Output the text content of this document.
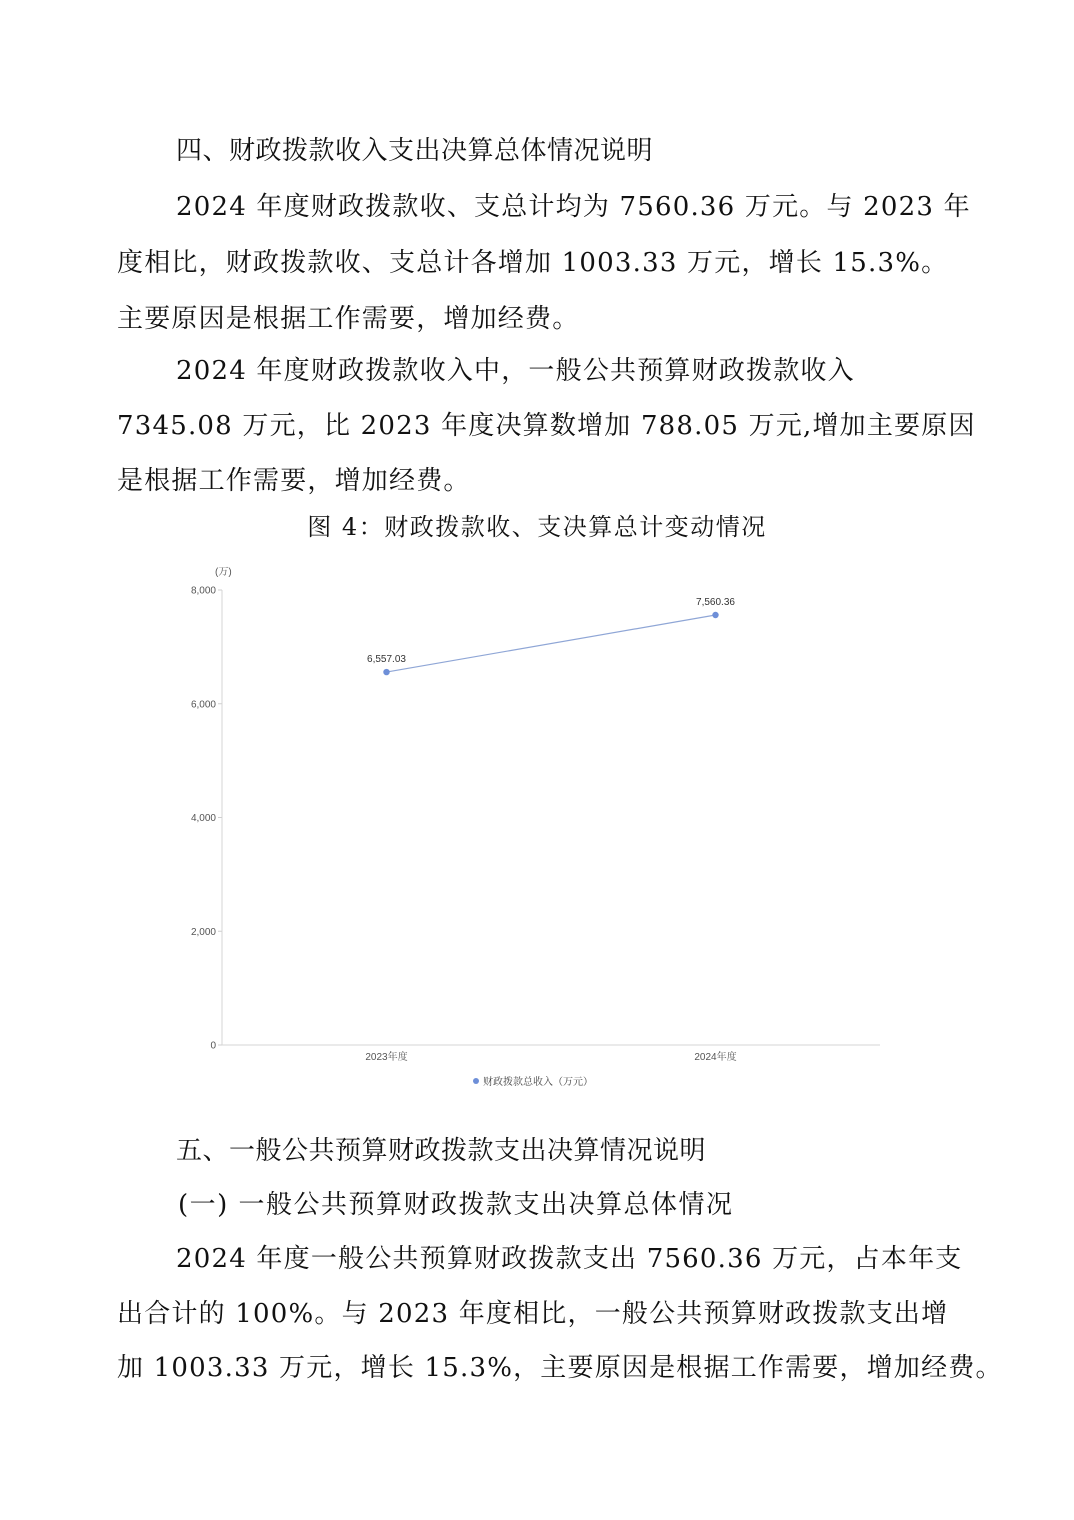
四、财政拨款收入支出决算总体情况说明
2024 年度财政拨款收、支总计均为 7560.36 万元。与 2023 年
度相比，财政拨款收、支总计各增加 1003.33 万元，增长 15.3%。
主要原因是根据工作需要，增加经费。
2024 年度财政拨款收入中，一般公共预算财政拨款收入
7345.08 万元，比 2023 年度决算数增加 788.05 万元,增加主要原因
是根据工作需要，增加经费。
图 4：财政拨款收、支决算总计变动情况
(万)
0
2,000
4,000
6,000
8,000
2023年度	2024年度
6,557.03
7,560.36
财政拨款总收入（万元）
五、一般公共预算财政拨款支出决算情况说明
(一) 一般公共预算财政拨款支出决算总体情况
2024 年度一般公共预算财政拨款支出 7560.36 万元，占本年支
出合计的 100%。与 2023 年度相比，一般公共预算财政拨款支出增
加 1003.33 万元，增长 15.3%，主要原因是根据工作需要，增加经费。
